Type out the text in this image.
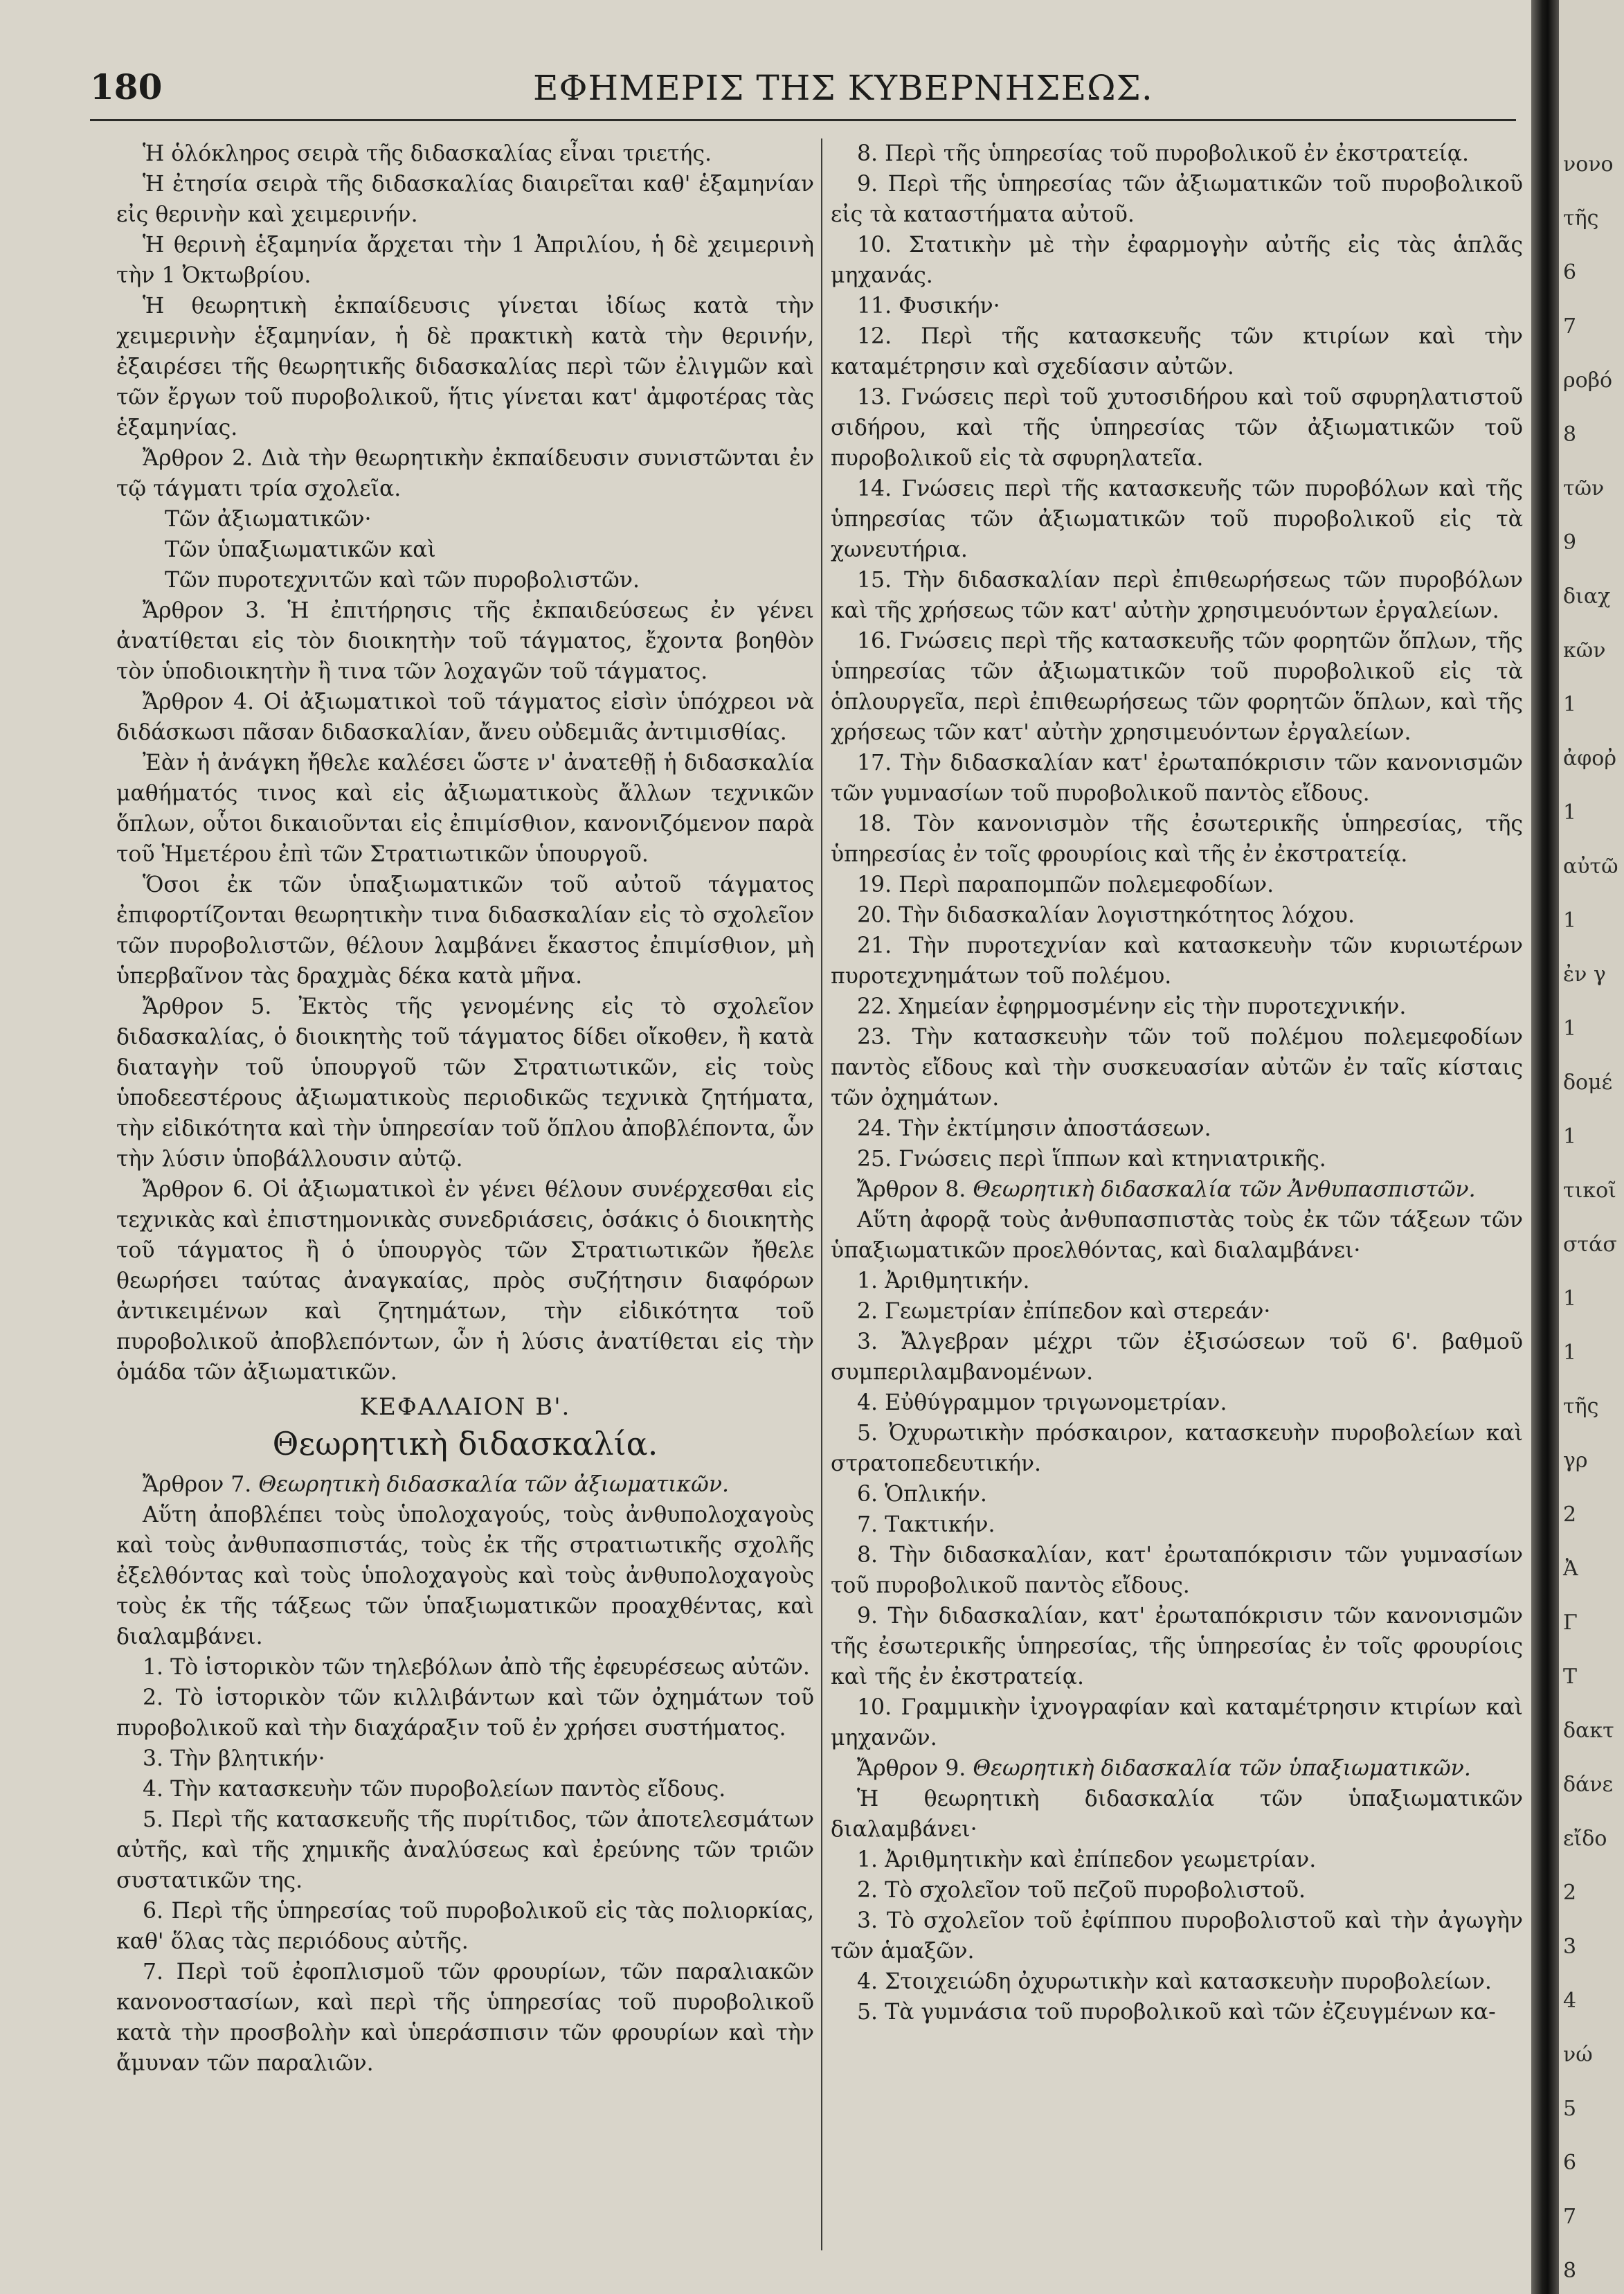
180	ΕΦΗΜΕΡΙΣ ΤΗΣ ΚΥΒΕΡΝΗΣΕΩΣ.

Ἡ ὁλόκληρος σειρὰ τῆς διδασκαλίας εἶναι τριετής.

Ἡ ἐτησία σειρὰ τῆς διδασκαλίας διαιρεῖται καθ' ἑξαμηνίαν εἰς θερινὴν καὶ χειμερινήν.

Ἡ θερινὴ ἑξαμηνία ἄρχεται τὴν 1 Ἀπριλίου, ἡ δὲ χειμερινὴ τὴν 1 Ὀκτωβρίου.

Ἡ θεωρητικὴ ἐκπαίδευσις γίνεται ἰδίως κατὰ τὴν χειμερινὴν ἑξαμηνίαν, ἡ δὲ πρακτικὴ κατὰ τὴν θερινήν, ἐξαιρέσει τῆς θεωρητικῆς διδασκαλίας περὶ τῶν ἐλιγμῶν καὶ τῶν ἔργων τοῦ πυροβολικοῦ, ἥτις γίνεται κατ' ἀμφοτέρας τὰς ἑξαμηνίας.

Ἄρθρον 2. Διὰ τὴν θεωρητικὴν ἐκπαίδευσιν συνιστῶνται ἐν τῷ τάγματι τρία σχολεῖα.

Τῶν ἀξιωματικῶν·

Τῶν ὑπαξιωματικῶν καὶ

Τῶν πυροτεχνιτῶν καὶ τῶν πυροβολιστῶν.

Ἄρθρον 3. Ἡ ἐπιτήρησις τῆς ἐκπαιδεύσεως ἐν γένει ἀνατίθεται εἰς τὸν διοικητὴν τοῦ τάγματος, ἔχοντα βοηθὸν τὸν ὑποδιοικητὴν ἢ τινα τῶν λοχαγῶν τοῦ τάγματος.

Ἄρθρον 4. Οἱ ἀξιωματικοὶ τοῦ τάγματος εἰσὶν ὑπόχρεοι νὰ διδάσκωσι πᾶσαν διδασκαλίαν, ἄνευ οὐδεμιᾶς ἀντιμισθίας.

Ἐὰν ἡ ἀνάγκη ἤθελε καλέσει ὥστε ν' ἀνατεθῇ ἡ διδασκαλία μαθήματός τινος καὶ εἰς ἀξιωματικοὺς ἄλλων τεχνικῶν ὅπλων, οὗτοι δικαιοῦνται εἰς ἐπιμίσθιον, κανονιζόμενον παρὰ τοῦ Ἡμετέρου ἐπὶ τῶν Στρατιωτικῶν ὑπουργοῦ.

Ὅσοι ἐκ τῶν ὑπαξιωματικῶν τοῦ αὐτοῦ τάγματος ἐπιφορτίζονται θεωρητικὴν τινα διδασκαλίαν εἰς τὸ σχολεῖον τῶν πυροβολιστῶν, θέλουν λαμβάνει ἕκαστος ἐπιμίσθιον, μὴ ὑπερβαῖνον τὰς δραχμὰς δέκα κατὰ μῆνα.

Ἄρθρον 5. Ἐκτὸς τῆς γενομένης εἰς τὸ σχολεῖον διδασκαλίας, ὁ διοικητὴς τοῦ τάγματος δίδει οἴκοθεν, ἢ κατὰ διαταγὴν τοῦ ὑπουργοῦ τῶν Στρατιωτικῶν, εἰς τοὺς ὑποδεεστέρους ἀξιωματικοὺς περιοδικῶς τεχνικὰ ζητήματα, τὴν εἰδικότητα καὶ τὴν ὑπηρεσίαν τοῦ ὅπλου ἀποβλέποντα, ὧν τὴν λύσιν ὑποβάλλουσιν αὐτῷ.

Ἄρθρον 6. Οἱ ἀξιωματικοὶ ἐν γένει θέλουν συνέρχεσθαι εἰς τεχνικὰς καὶ ἐπιστημονικὰς συνεδριάσεις, ὁσάκις ὁ διοικητὴς τοῦ τάγματος ἢ ὁ ὑπουργὸς τῶν Στρατιωτικῶν ἤθελε θεωρήσει ταύτας ἀναγκαίας, πρὸς συζήτησιν διαφόρων ἀντικειμένων καὶ ζητημάτων, τὴν εἰδικότητα τοῦ πυροβολικοῦ ἀποβλεπόντων, ὧν ἡ λύσις ἀνατίθεται εἰς τὴν ὁμάδα τῶν ἀξιωματικῶν.

ΚΕΦΑΛΑΙΟΝ Β'.

Θεωρητικὴ διδασκαλία.

Ἄρθρον 7. Θεωρητικὴ διδασκαλία τῶν ἀξιωματικῶν.

Αὕτη ἀποβλέπει τοὺς ὑπολοχαγούς, τοὺς ἀνθυπολοχαγοὺς καὶ τοὺς ἀνθυπασπιστάς, τοὺς ἐκ τῆς στρατιωτικῆς σχολῆς ἐξελθόντας καὶ τοὺς ὑπολοχαγοὺς καὶ τοὺς ἀνθυπολοχαγοὺς τοὺς ἐκ τῆς τάξεως τῶν ὑπαξιωματικῶν προαχθέντας, καὶ διαλαμβάνει.

1. Τὸ ἱστορικὸν τῶν τηλεβόλων ἀπὸ τῆς ἐφευρέσεως αὐτῶν.

2. Τὸ ἱστορικὸν τῶν κιλλιβάντων καὶ τῶν ὀχημάτων τοῦ πυροβολικοῦ καὶ τὴν διαχάραξιν τοῦ ἐν χρήσει συστήματος.

3. Τὴν βλητικήν·

4. Τὴν κατασκευὴν τῶν πυροβολείων παντὸς εἴδους.

5. Περὶ τῆς κατασκευῆς τῆς πυρίτιδος, τῶν ἀποτελεσμάτων αὐτῆς, καὶ τῆς χημικῆς ἀναλύσεως καὶ ἐρεύνης τῶν τριῶν συστατικῶν της.

6. Περὶ τῆς ὑπηρεσίας τοῦ πυροβολικοῦ εἰς τὰς πολιορκίας, καθ' ὅλας τὰς περιόδους αὐτῆς.

7. Περὶ τοῦ ἐφοπλισμοῦ τῶν φρουρίων, τῶν παραλιακῶν κανονοστασίων, καὶ περὶ τῆς ὑπηρεσίας τοῦ πυροβολικοῦ κατὰ τὴν προσβολὴν καὶ ὑπεράσπισιν τῶν φρουρίων καὶ τὴν ἄμυναν τῶν παραλιῶν.

8. Περὶ τῆς ὑπηρεσίας τοῦ πυροβολικοῦ ἐν ἐκστρατείᾳ.

9. Περὶ τῆς ὑπηρεσίας τῶν ἀξιωματικῶν τοῦ πυροβολικοῦ εἰς τὰ καταστήματα αὐτοῦ.

10. Στατικὴν μὲ τὴν ἐφαρμογὴν αὐτῆς εἰς τὰς ἁπλᾶς μηχανάς.

11. Φυσικήν·

12. Περὶ τῆς κατασκευῆς τῶν κτιρίων καὶ τὴν καταμέτρησιν καὶ σχεδίασιν αὐτῶν.

13. Γνώσεις περὶ τοῦ χυτοσιδήρου καὶ τοῦ σφυρηλατιστοῦ σιδήρου, καὶ τῆς ὑπηρεσίας τῶν ἀξιωματικῶν τοῦ πυροβολικοῦ εἰς τὰ σφυρηλατεῖα.

14. Γνώσεις περὶ τῆς κατασκευῆς τῶν πυροβόλων καὶ τῆς ὑπηρεσίας τῶν ἀξιωματικῶν τοῦ πυροβολικοῦ εἰς τὰ χωνευτήρια.

15. Τὴν διδασκαλίαν περὶ ἐπιθεωρήσεως τῶν πυροβόλων καὶ τῆς χρήσεως τῶν κατ' αὐτὴν χρησιμευόντων ἐργαλείων.

16. Γνώσεις περὶ τῆς κατασκευῆς τῶν φορητῶν ὅπλων, τῆς ὑπηρεσίας τῶν ἀξιωματικῶν τοῦ πυροβολικοῦ εἰς τὰ ὁπλουργεῖα, περὶ ἐπιθεωρήσεως τῶν φορητῶν ὅπλων, καὶ τῆς χρήσεως τῶν κατ' αὐτὴν χρησιμευόντων ἐργαλείων.

17. Τὴν διδασκαλίαν κατ' ἐρωταπόκρισιν τῶν κανονισμῶν τῶν γυμνασίων τοῦ πυροβολικοῦ παντὸς εἴδους.

18. Τὸν κανονισμὸν τῆς ἐσωτερικῆς ὑπηρεσίας, τῆς ὑπηρεσίας ἐν τοῖς φρουρίοις καὶ τῆς ἐν ἐκστρατείᾳ.

19. Περὶ παραπομπῶν πολεμεφοδίων.

20. Τὴν διδασκαλίαν λογιστηκότητος λόχου.

21. Τὴν πυροτεχνίαν καὶ κατασκευὴν τῶν κυριωτέρων πυροτεχνημάτων τοῦ πολέμου.

22. Χημείαν ἐφηρμοσμένην εἰς τὴν πυροτεχνικήν.

23. Τὴν κατασκευὴν τῶν τοῦ πολέμου πολεμεφοδίων παντὸς εἴδους καὶ τὴν συσκευασίαν αὐτῶν ἐν ταῖς κίσταις τῶν ὀχημάτων.

24. Τὴν ἐκτίμησιν ἀποστάσεων.

25. Γνώσεις περὶ ἵππων καὶ κτηνιατρικῆς.

Ἄρθρον 8. Θεωρητικὴ διδασκαλία τῶν Ἀνθυπασπιστῶν.

Αὕτη ἀφορᾷ τοὺς ἀνθυπασπιστὰς τοὺς ἐκ τῶν τάξεων τῶν ὑπαξιωματικῶν προελθόντας, καὶ διαλαμβάνει·

1. Ἀριθμητικήν.

2. Γεωμετρίαν ἐπίπεδον καὶ στερεάν·

3. Ἄλγεβραν μέχρι τῶν ἐξισώσεων τοῦ 6'. βαθμοῦ συμπεριλαμβανομένων.

4. Εὐθύγραμμον τριγωνομετρίαν.

5. Ὀχυρωτικὴν πρόσκαιρον, κατασκευὴν πυροβολείων καὶ στρατοπεδευτικήν.

6. Ὁπλικήν.

7. Τακτικήν.

8. Τὴν διδασκαλίαν, κατ' ἐρωταπόκρισιν τῶν γυμνασίων τοῦ πυροβολικοῦ παντὸς εἴδους.

9. Τὴν διδασκαλίαν, κατ' ἐρωταπόκρισιν τῶν κανονισμῶν τῆς ἐσωτερικῆς ὑπηρεσίας, τῆς ὑπηρεσίας ἐν τοῖς φρουρίοις καὶ τῆς ἐν ἐκστρατείᾳ.

10. Γραμμικὴν ἰχνογραφίαν καὶ καταμέτρησιν κτιρίων καὶ μηχανῶν.

Ἄρθρον 9. Θεωρητικὴ διδασκαλία τῶν ὑπαξιωματικῶν.

Ἡ θεωρητικὴ διδασκαλία τῶν ὑπαξιωματικῶν διαλαμβάνει·

1. Ἀριθμητικὴν καὶ ἐπίπεδον γεωμετρίαν.

2. Τὸ σχολεῖον τοῦ πεζοῦ πυροβολιστοῦ.

3. Τὸ σχολεῖον τοῦ ἐφίππου πυροβολιστοῦ καὶ τὴν ἀγωγὴν τῶν ἁμαξῶν.

4. Στοιχειώδη ὀχυρωτικὴν καὶ κατασκευὴν πυροβολείων.

5. Τὰ γυμνάσια τοῦ πυροβολικοῦ καὶ τῶν ἐζευγμένων κα-

νονο
τῆς
6
7
ροβό
8
τῶν
9
διαχ
κῶν
1
ἀφοῤ
1
αὐτῶ
1
ἐν γ
1
δομέ
1
τικοῖ
στάσ
1
1
τῆς
γρ
2
Ἀ
Γ
Τ
δακτ
δάνε
εἴδο
2
3
4
νώ
5
6
7
8
